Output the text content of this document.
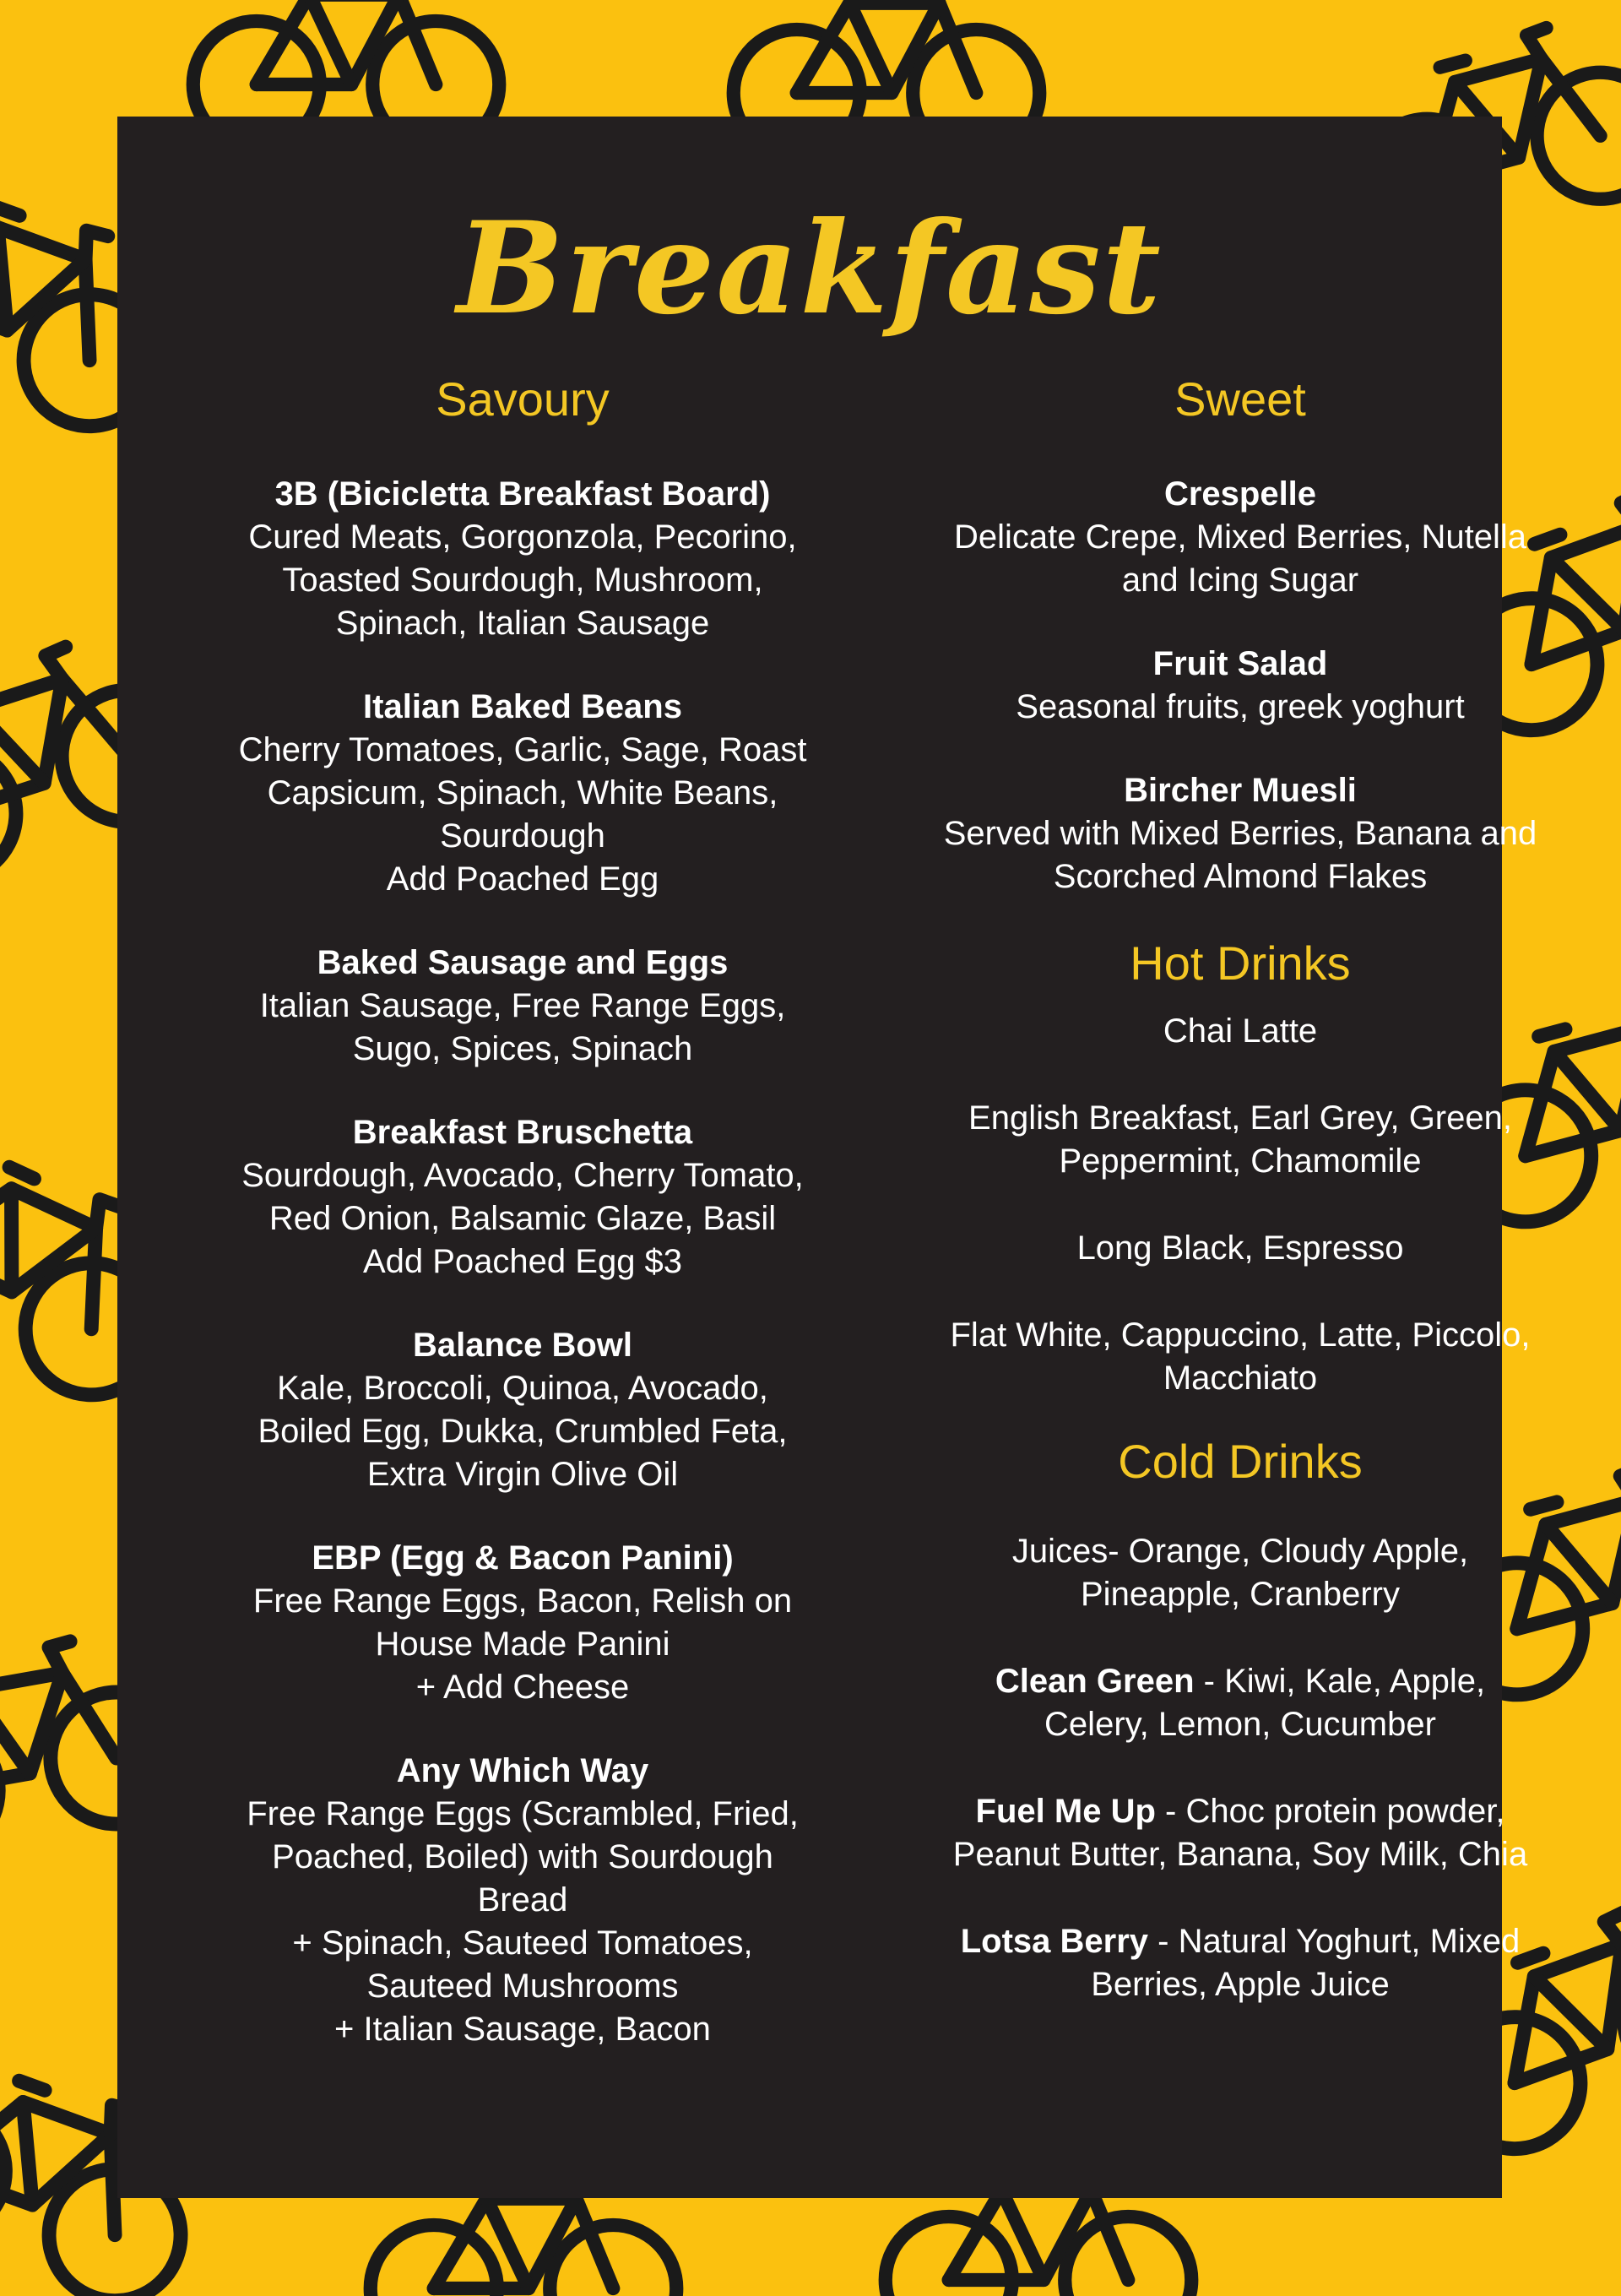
Breakfast
Savoury
3B (Bicicletta Breakfast Board)
Cured Meats, Gorgonzola, Pecorino,
Toasted Sourdough, Mushroom,
Spinach, Italian Sausage
Italian Baked Beans
Cherry Tomatoes, Garlic, Sage, Roast
Capsicum, Spinach, White Beans,
Sourdough
Add Poached Egg
Baked Sausage and Eggs
Italian Sausage, Free Range Eggs,
Sugo, Spices, Spinach
Breakfast Bruschetta
Sourdough, Avocado, Cherry Tomato,
Red Onion, Balsamic Glaze, Basil
Add Poached Egg $3
Balance Bowl
Kale, Broccoli, Quinoa, Avocado,
Boiled Egg, Dukka, Crumbled Feta,
Extra Virgin Olive Oil
EBP (Egg & Bacon Panini)
Free Range Eggs, Bacon, Relish on
House Made Panini
+ Add Cheese
Any Which Way
Free Range Eggs (Scrambled, Fried,
Poached, Boiled) with Sourdough
Bread
+ Spinach, Sauteed Tomatoes,
Sauteed Mushrooms
+ Italian Sausage, Bacon
Sweet
Crespelle
Delicate Crepe, Mixed Berries, Nutella
and Icing Sugar
Fruit Salad
Seasonal fruits, greek yoghurt
Bircher Muesli
Served with Mixed Berries, Banana and
Scorched Almond Flakes
Hot Drinks
Chai Latte
English Breakfast, Earl Grey, Green,
Peppermint, Chamomile
Long Black, Espresso
Flat White, Cappuccino, Latte, Piccolo,
Macchiato
Cold Drinks
Juices- Orange, Cloudy Apple,
Pineapple, Cranberry
Clean Green - Kiwi, Kale, Apple,
Celery, Lemon, Cucumber
Fuel Me Up - Choc protein powder,
Peanut Butter, Banana, Soy Milk, Chia
Lotsa Berry - Natural Yoghurt, Mixed
Berries, Apple Juice
